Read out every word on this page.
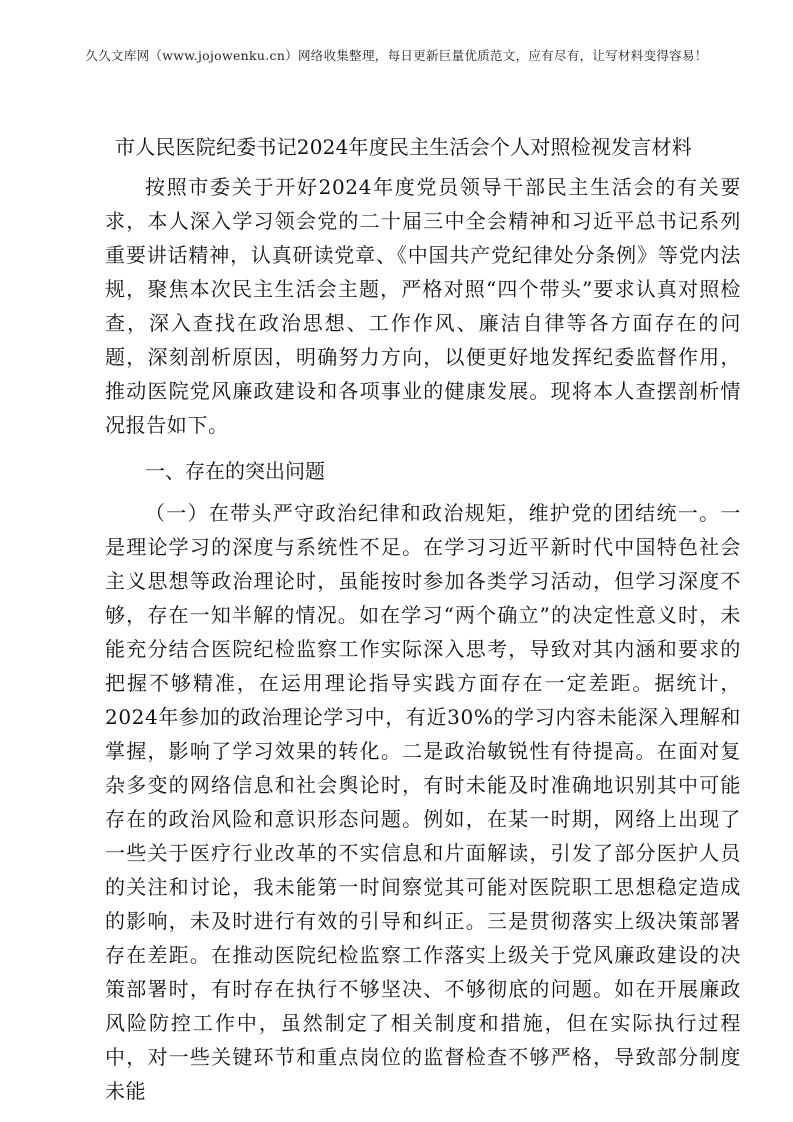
久久文库网（www.jojowenku.cn）网络收集整理，每日更新巨量优质范文，应有尽有，让写材料变得容易！
市人民医院纪委书记2024年度民主生活会个人对照检视发言材料

按照市委关于开好2024年度党员领导干部民主生活会的有关要求，本人深入学习领会党的二十届三中全会精神和习近平总书记系列重要讲话精神，认真研读党章、《中国共产党纪律处分条例》等党内法规，聚焦本次民主生活会主题，严格对照“四个带头”要求认真对照检查，深入查找在政治思想、工作作风、廉洁自律等各方面存在的问题，深刻剖析原因，明确努力方向，以便更好地发挥纪委监督作用，推动医院党风廉政建设和各项事业的健康发展。现将本人查摆剖析情况报告如下。

一、存在的突出问题

（一）在带头严守政治纪律和政治规矩，维护党的团结统一。一是理论学习的深度与系统性不足。在学习习近平新时代中国特色社会主义思想等政治理论时，虽能按时参加各类学习活动，但学习深度不够，存在一知半解的情况。如在学习“两个确立”的决定性意义时，未能充分结合医院纪检监察工作实际深入思考，导致对其内涵和要求的把握不够精准，在运用理论指导实践方面存在一定差距。据统计，2024年参加的政治理论学习中，有近30%的学习内容未能深入理解和掌握，影响了学习效果的转化。二是政治敏锐性有待提高。在面对复杂多变的网络信息和社会舆论时，有时未能及时准确地识别其中可能存在的政治风险和意识形态问题。例如，在某一时期，网络上出现了一些关于医疗行业改革的不实信息和片面解读，引发了部分医护人员的关注和讨论，我未能第一时间察觉其可能对医院职工思想稳定造成的影响，未及时进行有效的引导和纠正。三是贯彻落实上级决策部署存在差距。在推动医院纪检监察工作落实上级关于党风廉政建设的决策部署时，有时存在执行不够坚决、不够彻底的问题。如在开展廉政风险防控工作中，虽然制定了相关制度和措施，但在实际执行过程中，对一些关键环节和重点岗位的监督检查不够严格，导致部分制度未能
